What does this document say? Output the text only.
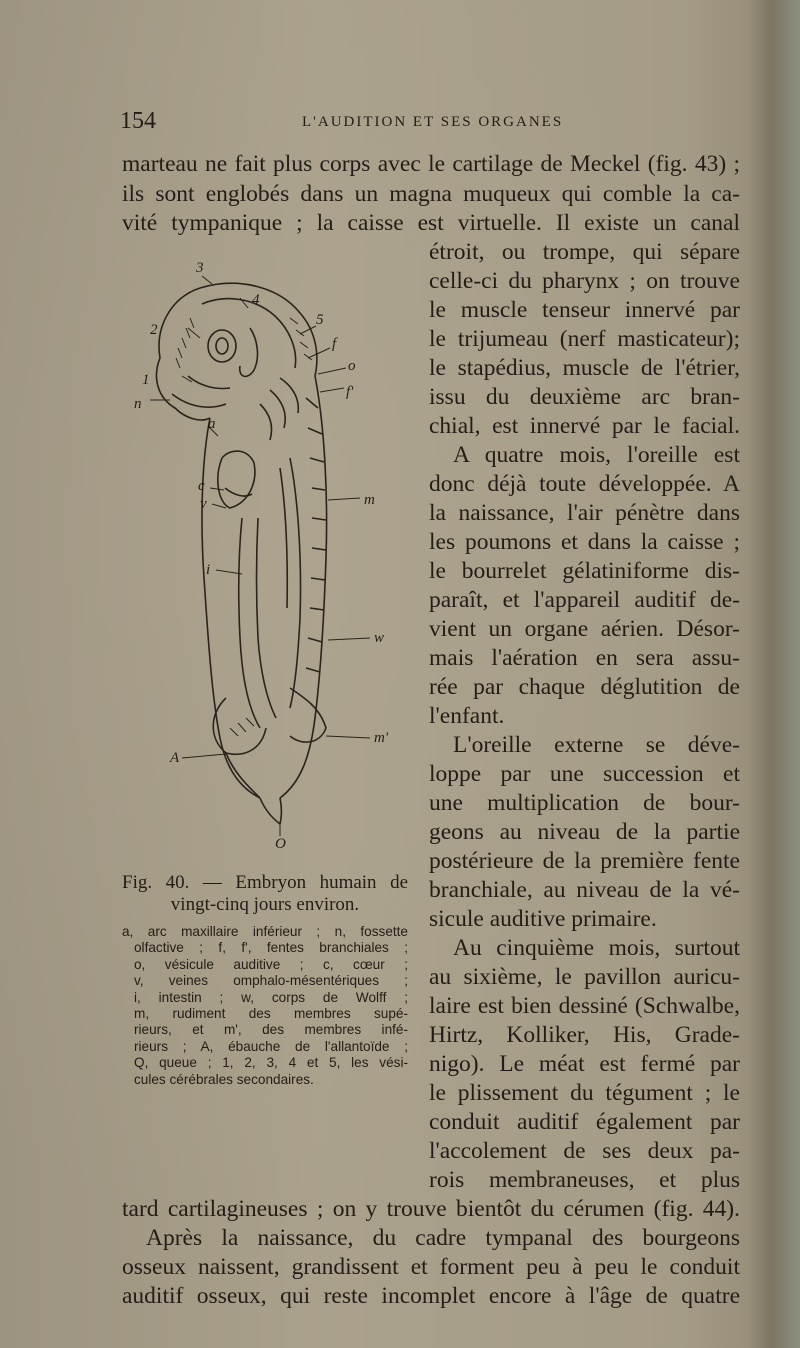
154	L'AUDITION ET SES ORGANES

marteau ne fait plus corps avec le cartilage de Meckel (fig. 43) ;

ils sont englobés dans un magna muqueux qui comble la ca-

vité tympanique ; la caisse est virtuelle. Il existe un canal

étroit, ou trompe, qui sépare

celle-ci du pharynx ; on trouve

le muscle tenseur innervé par

le trijumeau (nerf masticateur);

le stapédius, muscle de l'étrier,

issu du deuxième arc bran-

chial, est innervé par le facial.

A quatre mois, l'oreille est

donc déjà toute développée. A

la naissance, l'air pénètre dans

les poumons et dans la caisse ;

le bourrelet gélatiniforme dis-

paraît, et l'appareil auditif de-

vient un organe aérien. Désor-

mais l'aération en sera assu-

rée par chaque déglutition de

l'enfant.

L'oreille externe se déve-

loppe par une succession et

une multiplication de bour-

geons au niveau de la partie

postérieure de la première fente

branchiale, au niveau de la vé-

sicule auditive primaire.

Au cinquième mois, surtout

au sixième, le pavillon auricu-

laire est bien dessiné (Schwalbe,

Hirtz, Kolliker, His, Grade-

nigo). Le méat est fermé par

le plissement du tégument ; le

conduit auditif également par

l'accolement de ses deux pa-

rois membraneuses, et plus

tard cartilagineuses ; on y trouve bientôt du cérumen (fig. 44).

Après la naissance, du cadre tympanal des bourgeons

osseux naissent, grandissent et forment peu à peu le conduit

auditif osseux, qui reste incomplet encore à l'âge de quatre

3
4
5
2
f
o
1
f'
n
a
c
v	m
i
w
m'
A
Q

Fig. 40. — Embryon humain de

vingt-cinq jours environ.

a, arc maxillaire inférieur ; n, fossette

olfactive ; f, f', fentes branchiales ;

o, vésicule auditive ; c, cœur ;

v, veines omphalo-mésentériques ;

i, intestin ; w, corps de Wolff ;

m, rudiment des membres supé-

rieurs, et m', des membres infé-

rieurs ; A, ébauche de l'allantoïde ;

Q, queue ; 1, 2, 3, 4 et 5, les vési-

cules cérébrales secondaires.
